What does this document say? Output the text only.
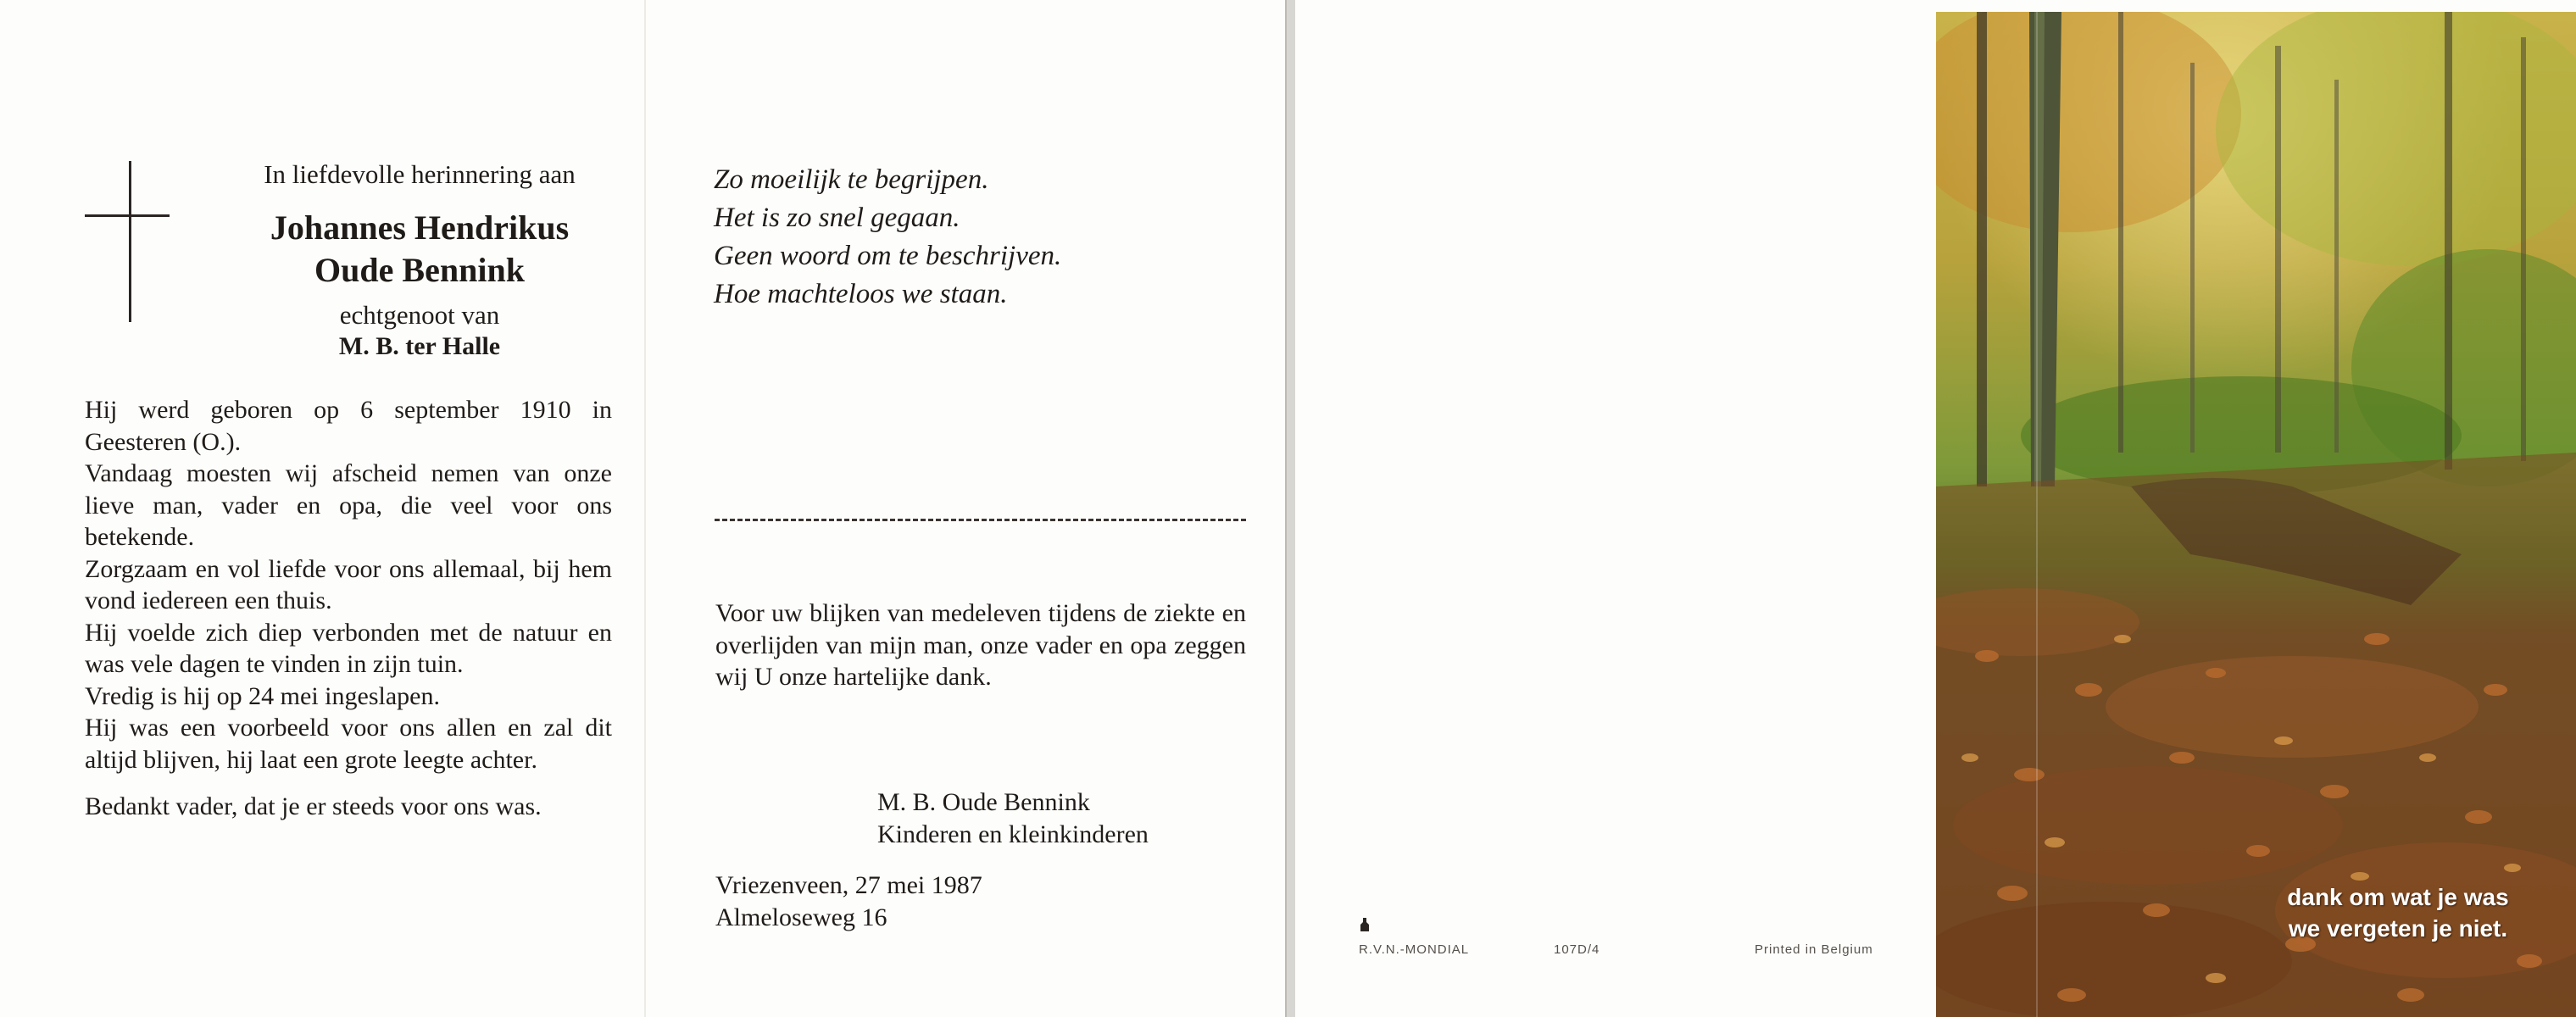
In liefdevolle herinnering aan

Johannes Hendrikus

Oude Bennink

echtgenoot van

M. B. ter Halle

Hij werd geboren op 6 september 1910 in Geesteren (O.).

Vandaag moesten wij afscheid nemen van onze lieve man, vader en opa, die veel voor ons betekende.

Zorgzaam en vol liefde voor ons allemaal, bij hem vond iedereen een thuis.

Hij voelde zich diep verbonden met de natuur en was vele dagen te vinden in zijn tuin.

Vredig is hij op 24 mei ingeslapen.

Hij was een voorbeeld voor ons allen en zal dit altijd blijven, hij laat een grote leegte achter.

Bedankt vader, dat je er steeds voor ons was.

Zo moeilijk te begrijpen.
Het is zo snel gegaan.
Geen woord om te beschrijven.
Hoe machteloos we staan.
Voor uw blijken van medeleven tijdens de ziekte en overlijden van mijn man, onze vader en opa zeggen wij U onze hartelijke dank.
M. B. Oude Bennink
Kinderen en kleinkinderen
Vriezenveen, 27 mei 1987
Almeloseweg 16
R.V.N.-MONDIAL	107D/4	Printed in Belgium
dank om wat je was
we vergeten je niet.
